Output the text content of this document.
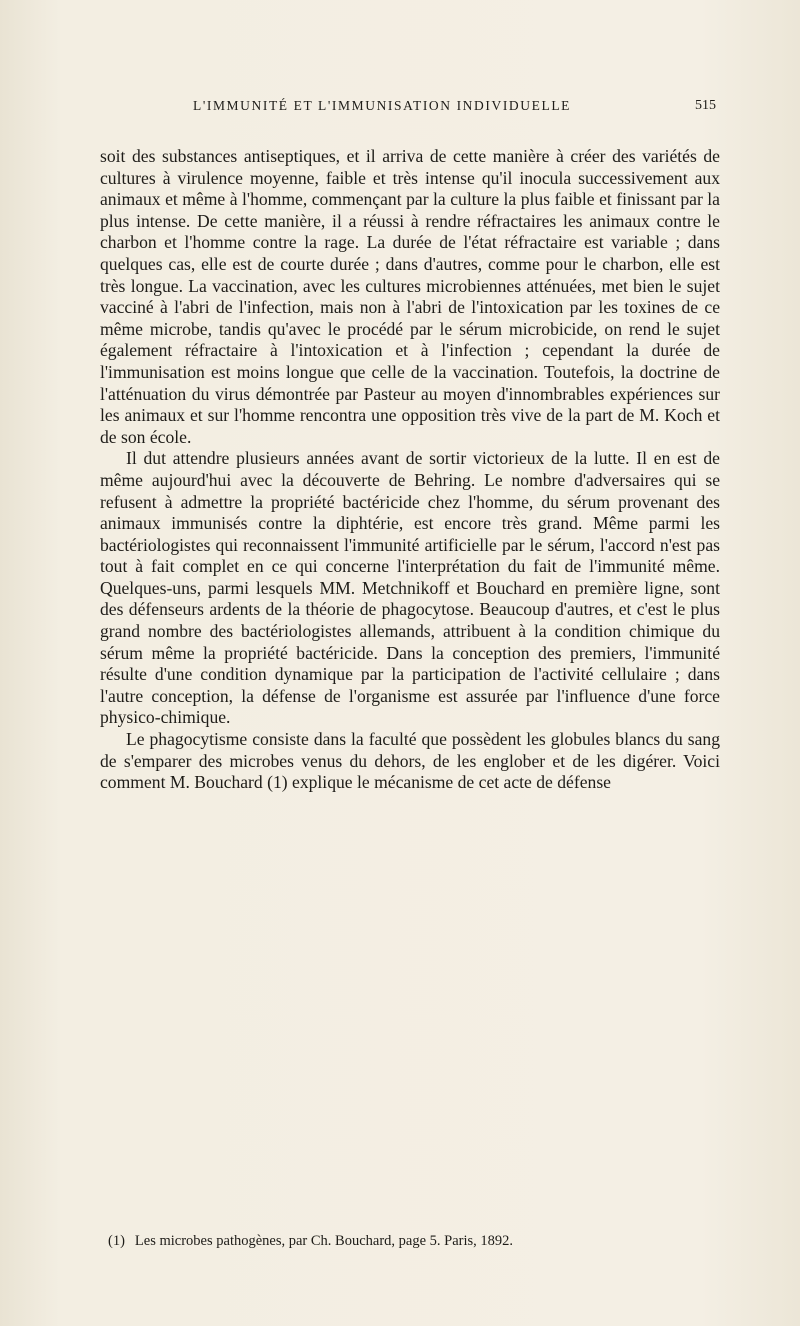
L'IMMUNITÉ ET L'IMMUNISATION INDIVIDUELLE	515

soit des substances antiseptiques, et il arriva de cette manière à créer des variétés de cultures à virulence moyenne, faible et très intense qu'il inocula successivement aux animaux et même à l'homme, commençant par la culture la plus faible et finissant par la plus intense. De cette manière, il a réussi à rendre réfractaires les animaux contre le charbon et l'homme contre la rage. La durée de l'état réfractaire est variable ; dans quelques cas, elle est de courte durée ; dans d'autres, comme pour le charbon, elle est très longue. La vaccination, avec les cultures microbiennes atténuées, met bien le sujet vacciné à l'abri de l'infection, mais non à l'abri de l'intoxication par les toxines de ce même microbe, tandis qu'avec le procédé par le sérum microbicide, on rend le sujet également réfractaire à l'intoxication et à l'infection ; cependant la durée de l'immunisation est moins longue que celle de la vaccination. Toutefois, la doctrine de l'atténuation du virus démontrée par Pasteur au moyen d'innombrables expériences sur les animaux et sur l'homme rencontra une opposition très vive de la part de M. Koch et de son école.

Il dut attendre plusieurs années avant de sortir victorieux de la lutte. Il en est de même aujourd'hui avec la découverte de Behring. Le nombre d'adversaires qui se refusent à admettre la propriété bactéricide chez l'homme, du sérum provenant des animaux immunisés contre la diphtérie, est encore très grand. Même parmi les bactériologistes qui reconnaissent l'immunité artificielle par le sérum, l'accord n'est pas tout à fait complet en ce qui concerne l'interprétation du fait de l'immunité même. Quelques-uns, parmi lesquels MM. Metchnikoff et Bouchard en première ligne, sont des défenseurs ardents de la théorie de phagocytose. Beaucoup d'autres, et c'est le plus grand nombre des bactériologistes allemands, attribuent à la condition chimique du sérum même la propriété bactéricide. Dans la conception des premiers, l'immunité résulte d'une condition dynamique par la participation de l'activité cellulaire ; dans l'autre conception, la défense de l'organisme est assurée par l'influence d'une force physico-chimique.

Le phagocytisme consiste dans la faculté que possèdent les globules blancs du sang de s'emparer des microbes venus du dehors, de les englober et de les digérer. Voici comment M. Bouchard (1) explique le mécanisme de cet acte de défense

(1) Les microbes pathogènes, par Ch. Bouchard, page 5. Paris, 1892.
